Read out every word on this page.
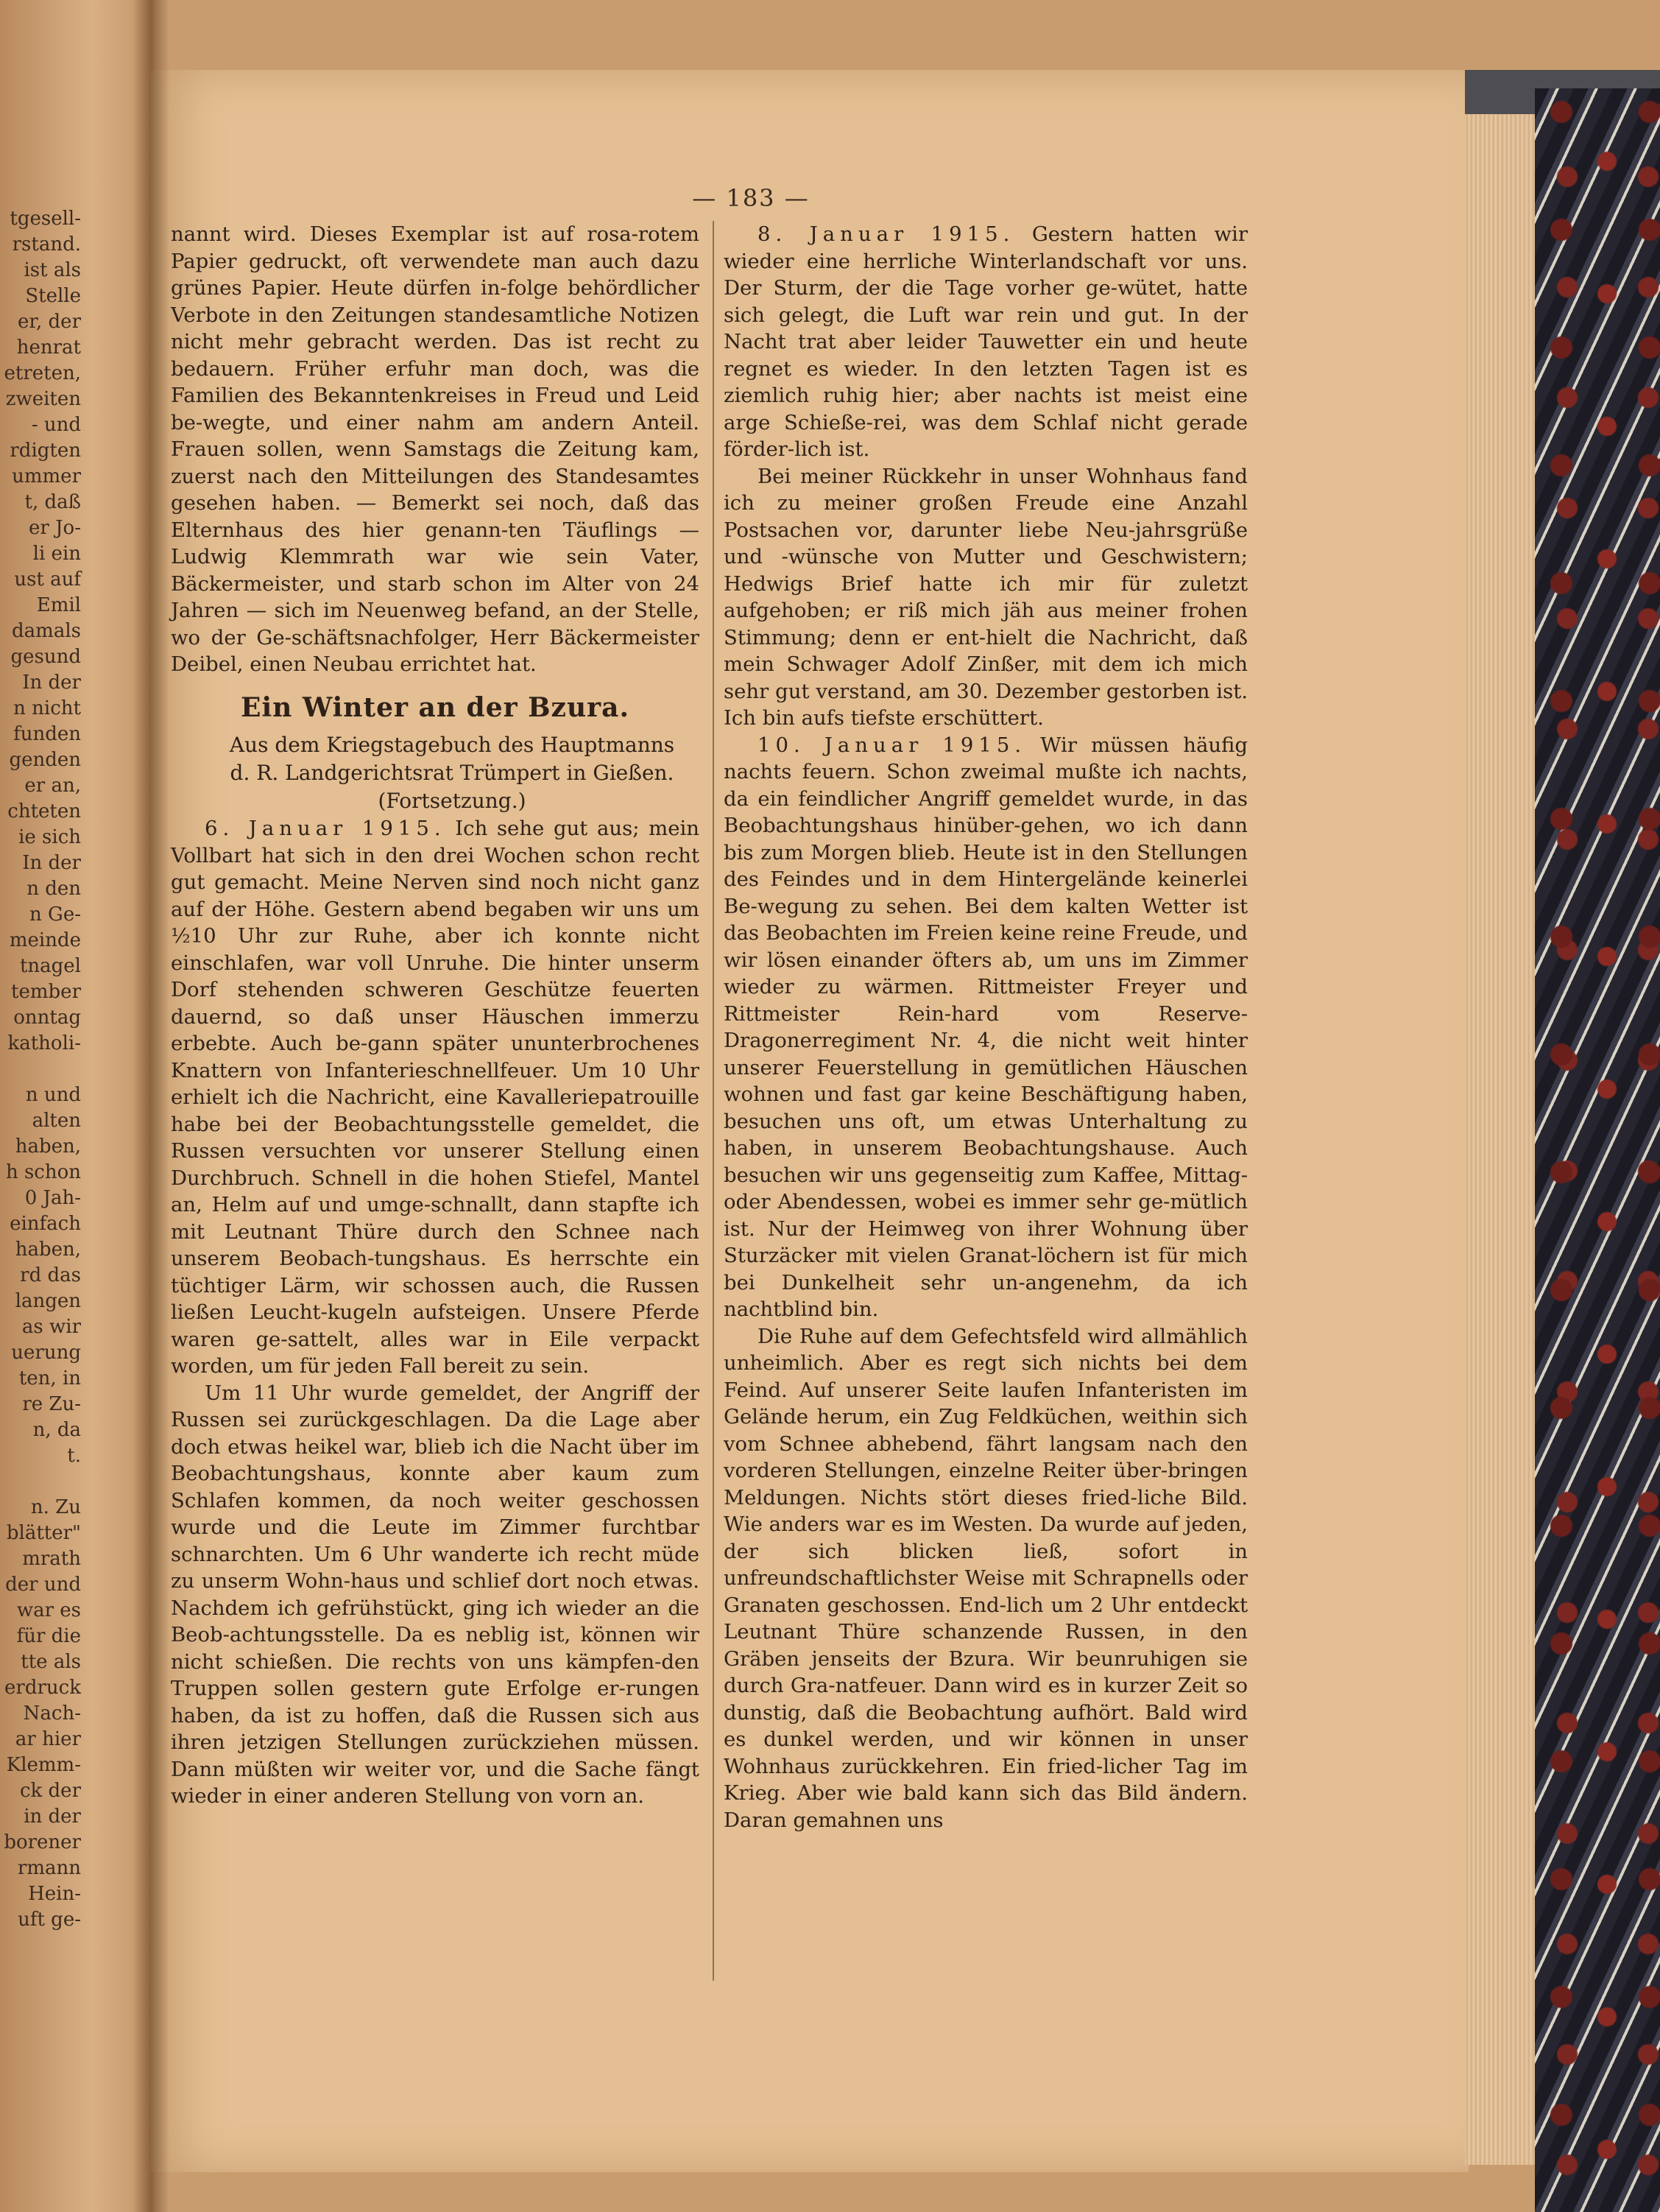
tgesell-
rstand.
ist als
Stelle
er, der
henrat
etreten,
zweiten
- und
rdigten
ummer
t, daß
er Jo-
li ein
ust auf
Emil
damals
gesund
In der
n nicht
funden
genden
er an,
chteten
ie sich
In der
n den
n Ge-
meinde
tnagel
tember
onntag
katholi-

n und
alten
haben,
h schon
0 Jah-
einfach
haben,
rd das
langen
as wir
uerung
ten, in
re Zu-
n, da
t.

n. Zu
blätter"
mrath
der und
war es
für die
tte als
erdruck
Nach-
ar hier
Klemm-
ck der
in der
borener
rmann
Hein-
uft ge-
— 183 —

nannt wird. Dieses Exemplar ist auf rosa-rotem Papier gedruckt, oft verwendete man auch dazu grünes Papier. Heute dürfen in-folge behördlicher Verbote in den Zeitungen standesamtliche Notizen nicht mehr gebracht werden. Das ist recht zu bedauern. Früher erfuhr man doch, was die Familien des Bekanntenkreises in Freud und Leid be-wegte, und einer nahm am andern Anteil. Frauen sollen, wenn Samstags die Zeitung kam, zuerst nach den Mitteilungen des Standesamtes gesehen haben. — Bemerkt sei noch, daß das Elternhaus des hier genann-ten Täuflings — Ludwig Klemmrath war wie sein Vater, Bäckermeister, und starb schon im Alter von 24 Jahren — sich im Neuenweg befand, an der Stelle, wo der Ge-schäftsnachfolger, Herr Bäckermeister Deibel, einen Neubau errichtet hat.

Ein Winter an der Bzura.

Aus dem Kriegstagebuch des Hauptmanns

d. R. Landgerichtsrat Trümpert in Gießen.

(Fortsetzung.)

6. Januar 1915. Ich sehe gut aus; mein Vollbart hat sich in den drei Wochen schon recht gut gemacht. Meine Nerven sind noch nicht ganz auf der Höhe. Gestern abend begaben wir uns um ½10 Uhr zur Ruhe, aber ich konnte nicht einschlafen, war voll Unruhe. Die hinter unserm Dorf stehenden schweren Geschütze feuerten dauernd, so daß unser Häuschen immerzu erbebte. Auch be-gann später ununterbrochenes Knattern von Infanterieschnellfeuer. Um 10 Uhr erhielt ich die Nachricht, eine Kavalleriepatrouille habe bei der Beobachtungsstelle gemeldet, die Russen versuchten vor unserer Stellung einen Durchbruch. Schnell in die hohen Stiefel, Mantel an, Helm auf und umge-schnallt, dann stapfte ich mit Leutnant Thüre durch den Schnee nach unserem Beobach-tungshaus. Es herrschte ein tüchtiger Lärm, wir schossen auch, die Russen ließen Leucht-kugeln aufsteigen. Unsere Pferde waren ge-sattelt, alles war in Eile verpackt worden, um für jeden Fall bereit zu sein.

Um 11 Uhr wurde gemeldet, der Angriff der Russen sei zurückgeschlagen. Da die Lage aber doch etwas heikel war, blieb ich die Nacht über im Beobachtungshaus, konnte aber kaum zum Schlafen kommen, da noch weiter geschossen wurde und die Leute im Zimmer furchtbar schnarchten. Um 6 Uhr wanderte ich recht müde zu unserm Wohn-haus und schlief dort noch etwas. Nachdem ich gefrühstückt, ging ich wieder an die Beob-achtungsstelle. Da es neblig ist, können wir nicht schießen. Die rechts von uns kämpfen-den Truppen sollen gestern gute Erfolge er-rungen haben, da ist zu hoffen, daß die Russen sich aus ihren jetzigen Stellungen zurückziehen müssen. Dann müßten wir weiter vor, und die Sache fängt wieder in einer anderen Stellung von vorn an.

8. Januar 1915. Gestern hatten wir wieder eine herrliche Winterlandschaft vor uns. Der Sturm, der die Tage vorher ge-wütet, hatte sich gelegt, die Luft war rein und gut. In der Nacht trat aber leider Tauwetter ein und heute regnet es wieder. In den letzten Tagen ist es ziemlich ruhig hier; aber nachts ist meist eine arge Schieße-rei, was dem Schlaf nicht gerade förder-lich ist.

Bei meiner Rückkehr in unser Wohnhaus fand ich zu meiner großen Freude eine Anzahl Postsachen vor, darunter liebe Neu-jahrsgrüße und -wünsche von Mutter und Geschwistern; Hedwigs Brief hatte ich mir für zuletzt aufgehoben; er riß mich jäh aus meiner frohen Stimmung; denn er ent-hielt die Nachricht, daß mein Schwager Adolf Zinßer, mit dem ich mich sehr gut verstand, am 30. Dezember gestorben ist. Ich bin aufs tiefste erschüttert.

10. Januar 1915. Wir müssen häufig nachts feuern. Schon zweimal mußte ich nachts, da ein feindlicher Angriff gemeldet wurde, in das Beobachtungshaus hinüber-gehen, wo ich dann bis zum Morgen blieb. Heute ist in den Stellungen des Feindes und in dem Hintergelände keinerlei Be-wegung zu sehen. Bei dem kalten Wetter ist das Beobachten im Freien keine reine Freude, und wir lösen einander öfters ab, um uns im Zimmer wieder zu wärmen. Rittmeister Freyer und Rittmeister Rein-hard vom Reserve-Dragonerregiment Nr. 4, die nicht weit hinter unserer Feuerstellung in gemütlichen Häuschen wohnen und fast gar keine Beschäftigung haben, besuchen uns oft, um etwas Unterhaltung zu haben, in unserem Beobachtungshause. Auch besuchen wir uns gegenseitig zum Kaffee, Mittag- oder Abendessen, wobei es immer sehr ge-mütlich ist. Nur der Heimweg von ihrer Wohnung über Sturzäcker mit vielen Granat-löchern ist für mich bei Dunkelheit sehr un-angenehm, da ich nachtblind bin.

Die Ruhe auf dem Gefechtsfeld wird allmählich unheimlich. Aber es regt sich nichts bei dem Feind. Auf unserer Seite laufen Infanteristen im Gelände herum, ein Zug Feldküchen, weithin sich vom Schnee abhebend, fährt langsam nach den vorderen Stellungen, einzelne Reiter über-bringen Meldungen. Nichts stört dieses fried-liche Bild. Wie anders war es im Westen. Da wurde auf jeden, der sich blicken ließ, sofort in unfreundschaftlichster Weise mit Schrapnells oder Granaten geschossen. End-lich um 2 Uhr entdeckt Leutnant Thüre schanzende Russen, in den Gräben jenseits der Bzura. Wir beunruhigen sie durch Gra-natfeuer. Dann wird es in kurzer Zeit so dunstig, daß die Beobachtung aufhört. Bald wird es dunkel werden, und wir können in unser Wohnhaus zurückkehren. Ein fried-licher Tag im Krieg. Aber wie bald kann sich das Bild ändern. Daran gemahnen uns
